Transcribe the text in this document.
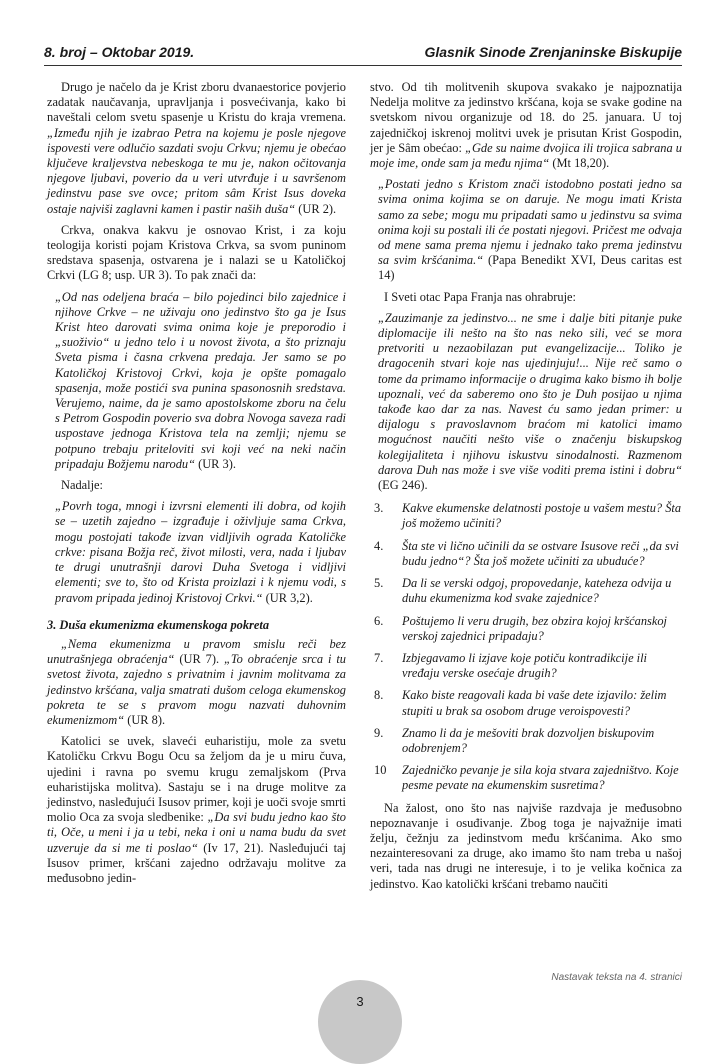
8. broj – Oktobar 2019.	Glasnik Sinode Zrenjaninske Biskupije

Drugo je načelo da je Krist zboru dvanaestorice povjerio zadatak naučavanja, upravljanja i posvećivanja, kako bi naveštali celom svetu spasenje u Kristu do kraja vremena. „Između njih je izabrao Petra na kojemu je posle njegove ispovesti vere odlučio sazdati svoju Crkvu; njemu je obećao ključeve kraljevstva nebeskoga te mu je, nakon očitovanja njegove ljubavi, poverio da u veri utvrđuje i u savršenom jedinstvu pase sve ovce; pritom sâm Krist Isus doveka ostaje najviši zaglavni kamen i pastir naših duša“ (UR 2).

Crkva, onakva kakvu je osnovao Krist, i za koju teologija koristi pojam Kristova Crkva, sa svom puninom sredstava spasenja, ostvarena je i nalazi se u Katoličkoj Crkvi (LG 8; usp. UR 3). To pak znači da:

„Od nas odeljena braća – bilo pojedinci bilo zajednice i njihove Crkve – ne uživaju ono jedinstvo što ga je Isus Krist hteo darovati svima onima koje je preporodio i „suoživio“ u jedno telo i u novost života, a što priznaju Sveta pisma i časna crkvena predaja. Jer samo se po Katoličkoj Kristovoj Crkvi, koja je opšte pomagalo spasenja, može postići sva punina spasonosnih sredstava. Verujemo, naime, da je samo apostolskome zboru na čelu s Petrom Gospodin poverio sva dobra Novoga saveza radi uspostave jednoga Kristova tela na zemlji; njemu se potpuno trebaju priteloviti svi koji već na neki način pripadaju Božjemu narodu“ (UR 3).

Nadalje:

„Povrh toga, mnogi i izvrsni elementi ili dobra, od kojih se – uzetih zajedno – izgrađuje i oživljuje sama Crkva, mogu postojati takođe izvan vidljivih ograda Katoličke crkve: pisana Božja reč, život milosti, vera, nada i ljubav te drugi unutrašnji darovi Duha Svetoga i vidljivi elementi; sve to, što od Krista proizlazi i k njemu vodi, s pravom pripada jedinoj Kristovoj Crkvi.“ (UR 3,2).

3. Duša ekumenizma ekumenskoga pokreta

„Nema ekumenizma u pravom smislu reči bez unutrašnjega obraćenja“ (UR 7). „To obraćenje srca i tu svetost života, zajedno s privatnim i javnim molitvama za jedinstvo kršćana, valja smatrati dušom celoga ekumenskog pokreta te se s pravom mogu nazvati duhovnim ekumenizmom“ (UR 8).

Katolici se uvek, slaveći euharistiju, mole za svetu Katoličku Crkvu Bogu Ocu sa željom da je u miru čuva, ujedini i ravna po svemu krugu zemaljskom (Prva euharistijska molitva). Sastaju se i na druge molitve za jedinstvo, nasleđujući Isusov primer, koji je uoči svoje smrti molio Oca za svoja sledbenike: „Da svi budu jedno kao što ti, Oče, u meni i ja u tebi, neka i oni u nama budu da svet uzveruje da si me ti poslao“ (Iv 17, 21). Nasleđujući taj Isusov primer, kršćani zajedno održavaju molitve za međusobno jedin-

stvo. Od tih molitvenih skupova svakako je najpoznatija Nedelja molitve za jedinstvo kršćana, koja se svake godine na svetskom nivou organizuje od 18. do 25. januara. U toj zajedničkoj iskrenoj molitvi uvek je prisutan Krist Gospodin, jer je Sâm obećao: „Gde su naime dvojica ili trojica sabrana u moje ime, onde sam ja među njima“ (Mt 18,20).

„Postati jedno s Kristom znači istodobno postati jedno sa svima onima kojima se on daruje. Ne mogu imati Krista samo za sebe; mogu mu pripadati samo u jedinstvu sa svima onima koji su postali ili će postati njegovi. Pričest me odvaja od mene sama prema njemu i jednako tako prema jedinstvu sa svim kršćanima.“ (Papa Benedikt XVI, Deus caritas est 14)

I Sveti otac Papa Franja nas ohrabruje:

„Zauzimanje za jedinstvo... ne sme i dalje biti pitanje puke diplomacije ili nešto na što nas neko sili, već se mora pretvoriti u nezaobilazan put evangelizacije... Toliko je dragocenih stvari koje nas ujedinjuju!... Nije reč samo o tome da primamo informacije o drugima kako bismo ih bolje upoznali, već da saberemo ono što je Duh posijao u njima takođe kao dar za nas. Navest ću samo jedan primer: u dijalogu s pravoslavnom braćom mi katolici imamo mogućnost naučiti nešto više o značenju biskupskog kolegijaliteta i njihovu iskustvu sinodalnosti. Razmenom darova Duh nas može i sve više voditi prema istini i dobru“ (EG 246).

3. Kakve ekumenske delatnosti postoje u vašem mestu? Šta još možemo učiniti?
4. Šta ste vi lično učinili da se ostvare Isusove reči „da svi budu jedno“? Šta još možete učiniti za ubuduće?
5. Da li se verski odgoj, propovedanje, kateheza odvija u duhu ekumenizma kod svake zajednice?
6. Poštujemo li veru drugih, bez obzira kojoj kršćanskoj verskoj zajednici pripadaju?
7. Izbjegavamo li izjave koje potiču kontradikcije ili vređaju verske osećaje drugih?
8. Kako biste reagovali kada bi vaše dete izjavilo: želim stupiti u brak sa osobom druge veroispovesti?
9. Znamo li da je mešoviti brak dozvoljen biskupovim odobrenjem?
10 Zajedničko pevanje je sila koja stvara zajedništvo. Koje pesme pevate na ekumenskim susretima?

Na žalost, ono što nas najviše razdvaja je međusobno nepoznavanje i osuđivanje. Zbog toga je najvažnije imati želju, čežnju za jedinstvom među kršćanima. Ako smo nezainteresovani za druge, ako imamo što nam treba u našoj veri, tada nas drugi ne interesuje, i to je velika kočnica za jedinstvo. Kao katolički kršćani trebamo naučiti

Nastavak teksta na 4. stranici
3
